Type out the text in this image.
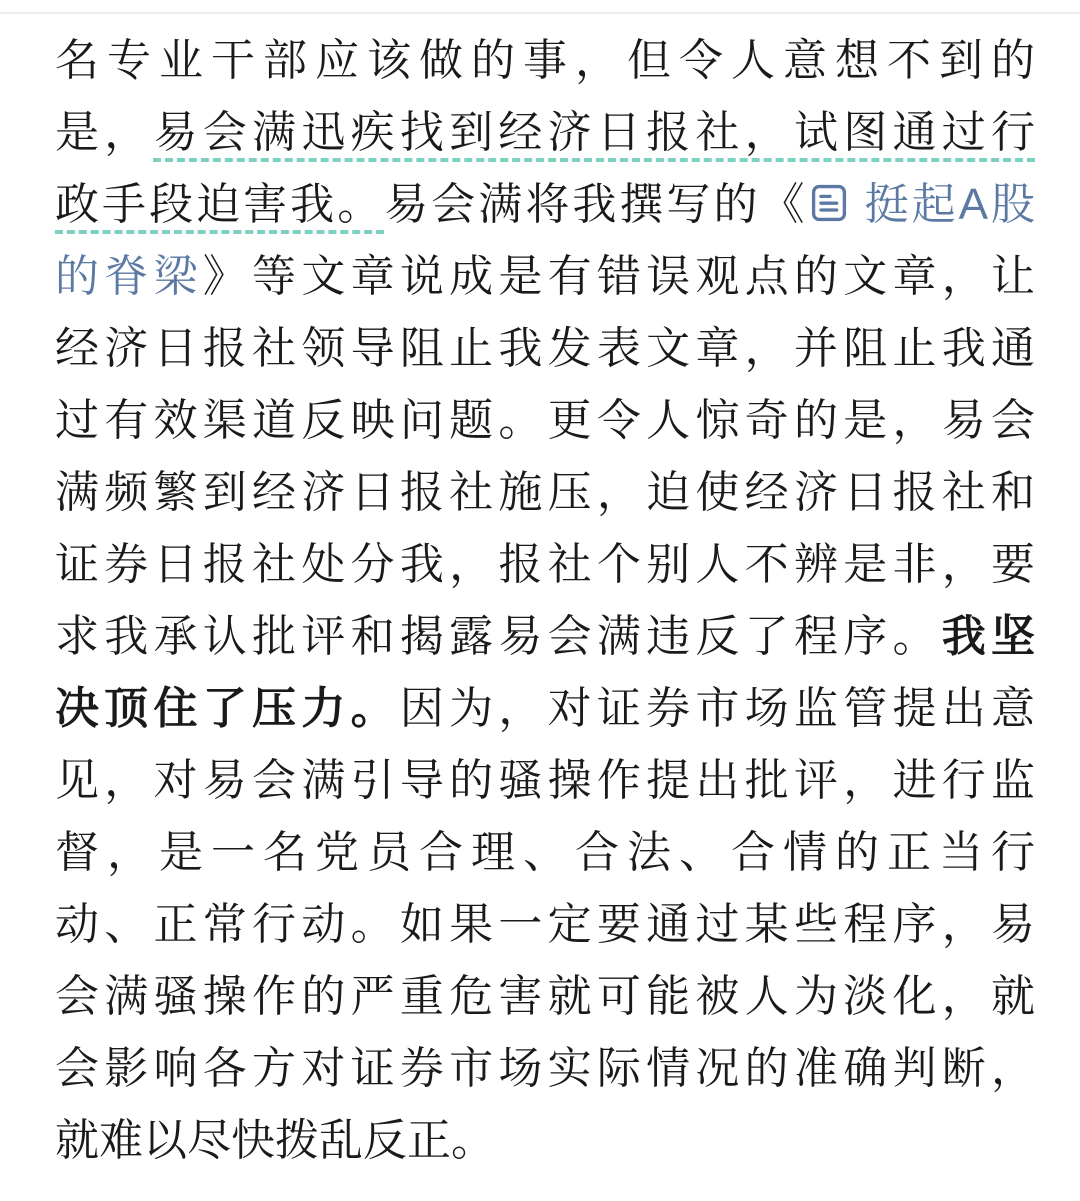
名专业干部应该做的事，但令人意想不到的
是，易会满迅疾找到经济日报社，试图通过行
政手段迫害我。易会满将我撰写的《 挺起A股
的脊梁》等文章说成是有错误观点的文章，让
经济日报社领导阻止我发表文章，并阻止我通
过有效渠道反映问题。更令人惊奇的是，易会
满频繁到经济日报社施压，迫使经济日报社和
证券日报社处分我，报社个别人不辨是非，要
求我承认批评和揭露易会满违反了程序。我坚
决顶住了压力。因为，对证券市场监管提出意
见，对易会满引导的骚操作提出批评，进行监
督，是一名党员合理、合法、合情的正当行
动、正常行动。如果一定要通过某些程序，易
会满骚操作的严重危害就可能被人为淡化，就
会影响各方对证券市场实际情况的准确判断，
就难以尽快拨乱反正。
